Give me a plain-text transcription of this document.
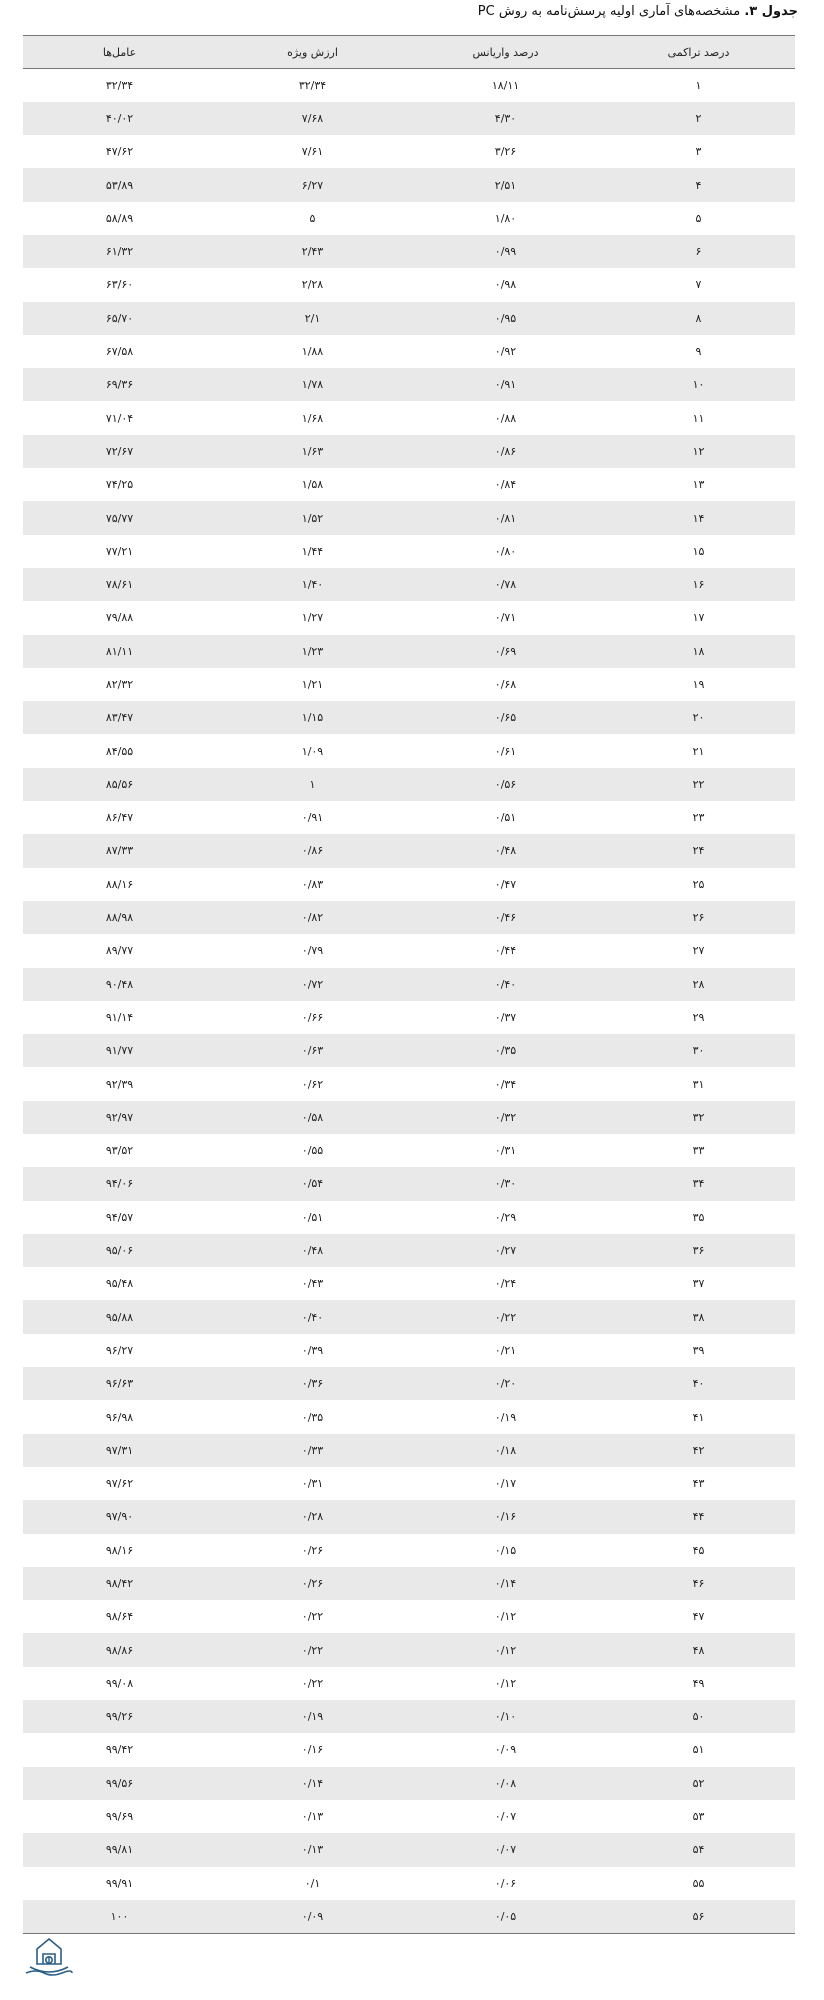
جدول ۳. مشخصه‌های آماری اولیه پرسش‌نامه به روش PC
درصد تراکمی	درصد واریانس	ارزش ویژه	عامل‌ها
۱	۱۸/۱۱	۳۲/۳۴	۳۲/۳۴
۲	۴/۳۰	۷/۶۸	۴۰/۰۲
۳	۳/۲۶	۷/۶۱	۴۷/۶۲
۴	۲/۵۱	۶/۲۷	۵۳/۸۹
۵	۱/۸۰	۵	۵۸/۸۹
۶	۰/۹۹	۲/۴۳	۶۱/۳۲
۷	۰/۹۸	۲/۲۸	۶۳/۶۰
۸	۰/۹۵	۲/۱	۶۵/۷۰
۹	۰/۹۲	۱/۸۸	۶۷/۵۸
۱۰	۰/۹۱	۱/۷۸	۶۹/۳۶
۱۱	۰/۸۸	۱/۶۸	۷۱/۰۴
۱۲	۰/۸۶	۱/۶۳	۷۲/۶۷
۱۳	۰/۸۴	۱/۵۸	۷۴/۲۵
۱۴	۰/۸۱	۱/۵۲	۷۵/۷۷
۱۵	۰/۸۰	۱/۴۴	۷۷/۲۱
۱۶	۰/۷۸	۱/۴۰	۷۸/۶۱
۱۷	۰/۷۱	۱/۲۷	۷۹/۸۸
۱۸	۰/۶۹	۱/۲۳	۸۱/۱۱
۱۹	۰/۶۸	۱/۲۱	۸۲/۳۲
۲۰	۰/۶۵	۱/۱۵	۸۳/۴۷
۲۱	۰/۶۱	۱/۰۹	۸۴/۵۵
۲۲	۰/۵۶	۱	۸۵/۵۶
۲۳	۰/۵۱	۰/۹۱	۸۶/۴۷
۲۴	۰/۴۸	۰/۸۶	۸۷/۳۳
۲۵	۰/۴۷	۰/۸۳	۸۸/۱۶
۲۶	۰/۴۶	۰/۸۲	۸۸/۹۸
۲۷	۰/۴۴	۰/۷۹	۸۹/۷۷
۲۸	۰/۴۰	۰/۷۲	۹۰/۴۸
۲۹	۰/۳۷	۰/۶۶	۹۱/۱۴
۳۰	۰/۳۵	۰/۶۳	۹۱/۷۷
۳۱	۰/۳۴	۰/۶۲	۹۲/۳۹
۳۲	۰/۳۲	۰/۵۸	۹۲/۹۷
۳۳	۰/۳۱	۰/۵۵	۹۳/۵۲
۳۴	۰/۳۰	۰/۵۴	۹۴/۰۶
۳۵	۰/۲۹	۰/۵۱	۹۴/۵۷
۳۶	۰/۲۷	۰/۴۸	۹۵/۰۶
۳۷	۰/۲۴	۰/۴۳	۹۵/۴۸
۳۸	۰/۲۲	۰/۴۰	۹۵/۸۸
۳۹	۰/۲۱	۰/۳۹	۹۶/۲۷
۴۰	۰/۲۰	۰/۳۶	۹۶/۶۳
۴۱	۰/۱۹	۰/۳۵	۹۶/۹۸
۴۲	۰/۱۸	۰/۳۳	۹۷/۳۱
۴۳	۰/۱۷	۰/۳۱	۹۷/۶۲
۴۴	۰/۱۶	۰/۲۸	۹۷/۹۰
۴۵	۰/۱۵	۰/۲۶	۹۸/۱۶
۴۶	۰/۱۴	۰/۲۶	۹۸/۴۲
۴۷	۰/۱۲	۰/۲۲	۹۸/۶۴
۴۸	۰/۱۲	۰/۲۲	۹۸/۸۶
۴۹	۰/۱۲	۰/۲۲	۹۹/۰۸
۵۰	۰/۱۰	۰/۱۹	۹۹/۲۶
۵۱	۰/۰۹	۰/۱۶	۹۹/۴۲
۵۲	۰/۰۸	۰/۱۴	۹۹/۵۶
۵۳	۰/۰۷	۰/۱۳	۹۹/۶۹
۵۴	۰/۰۷	۰/۱۳	۹۹/۸۱
۵۵	۰/۰۶	۰/۱	۹۹/۹۱
۵۶	۰/۰۵	۰/۰۹	۱۰۰
